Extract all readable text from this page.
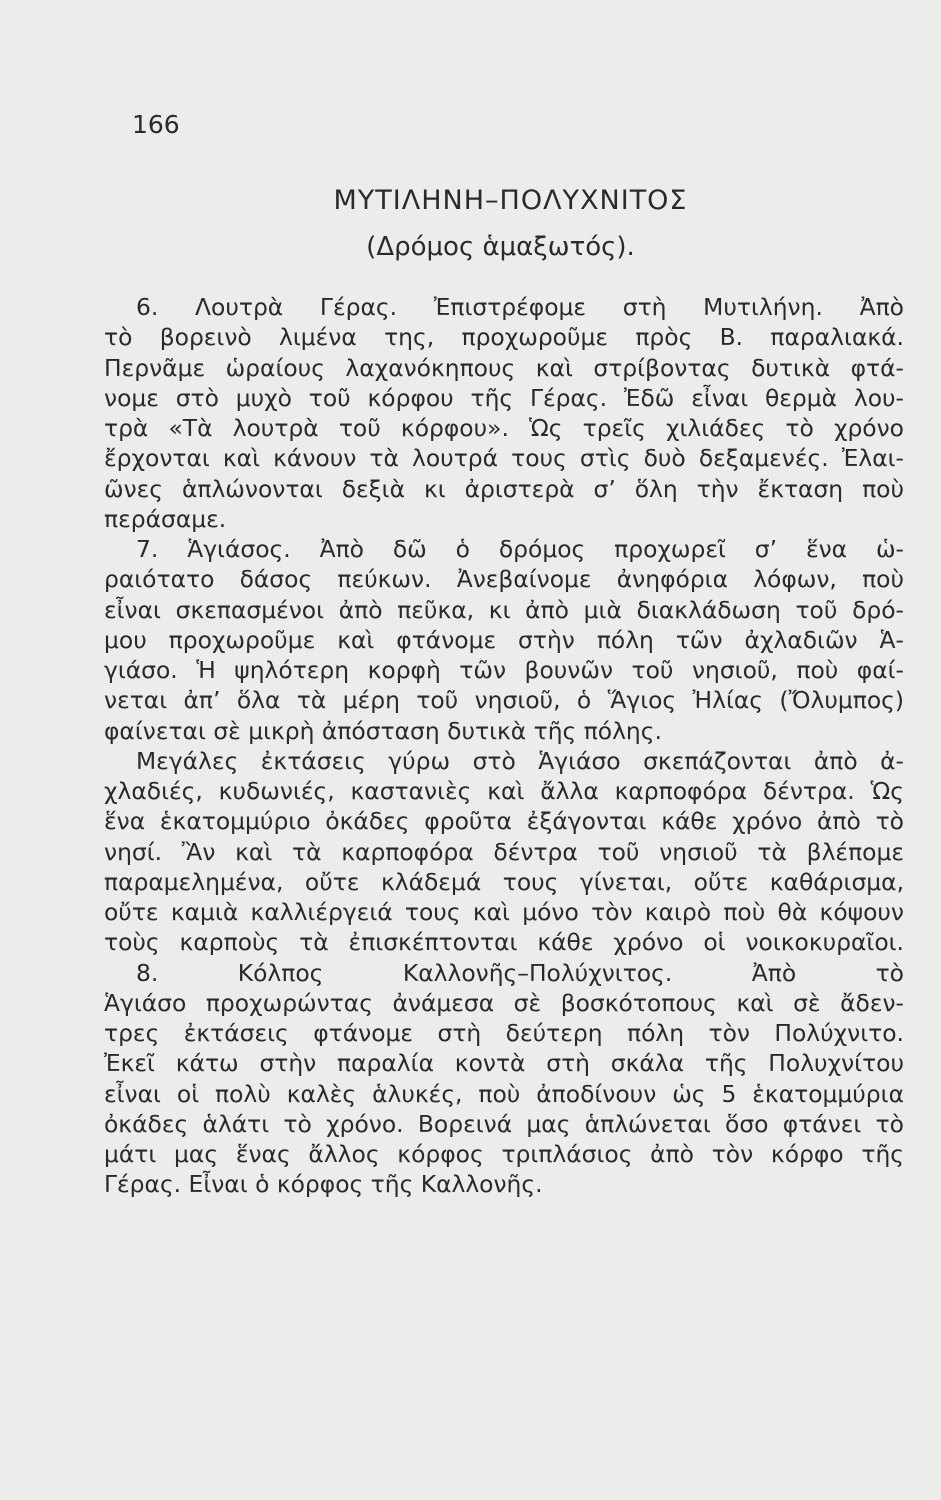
166
ΜΥΤΙΛΗΝΗ–ΠΟΛΥΧΝΙΤΟΣ
(Δρόμος ἁμαξωτός).
6. Λουτρὰ Γέρας. Ἐπιστρέφομε στὴ Μυτιλήνη. Ἀπὸ
τὸ βορεινὸ λιμένα της, προχωροῦμε πρὸς Β. παραλιακά.
Περνᾶμε ὡραίους λαχανόκηπους καὶ στρίβοντας δυτικὰ φτά-
νομε στὸ μυχὸ τοῦ κόρφου τῆς Γέρας. Ἐδῶ εἶναι θερμὰ λου-
τρὰ «Τὰ λουτρὰ τοῦ κόρφου». Ὡς τρεῖς χιλιάδες τὸ χρόνο
ἔρχονται καὶ κάνουν τὰ λουτρά τους στὶς δυὸ δεξαμενές. Ἐλαι-
ῶνες ἁπλώνονται δεξιὰ κι ἀριστερὰ σ’ ὅλη τὴν ἔκταση ποὺ
περάσαμε.
7. Ἁγιάσος. Ἀπὸ δῶ ὁ δρόμος προχωρεῖ σ’ ἕνα ὡ-
ραιότατο δάσος πεύκων. Ἀνεβαίνομε ἀνηφόρια λόφων, ποὺ
εἶναι σκεπασμένοι ἀπὸ πεῦκα, κι ἀπὸ μιὰ διακλάδωση τοῦ δρό-
μου προχωροῦμε καὶ φτάνομε στὴν πόλη τῶν ἀχλαδιῶν Ἁ-
γιάσο. Ἡ ψηλότερη κορφὴ τῶν βουνῶν τοῦ νησιοῦ, ποὺ φαί-
νεται ἀπ’ ὅλα τὰ μέρη τοῦ νησιοῦ, ὁ Ἅγιος Ἠλίας (Ὄλυμπος)
φαίνεται σὲ μικρὴ ἀπόσταση δυτικὰ τῆς πόλης.
Μεγάλες ἐκτάσεις γύρω στὸ Ἁγιάσο σκεπάζονται ἀπὸ ἀ-
χλαδιές, κυδωνιές, καστανιὲς καὶ ἄλλα καρποφόρα δέντρα. Ὡς
ἕνα ἑκατομμύριο ὀκάδες φροῦτα ἐξάγονται κάθε χρόνο ἀπὸ τὸ
νησί. Ἂν καὶ τὰ καρποφόρα δέντρα τοῦ νησιοῦ τὰ βλέπομε
παραμελημένα, οὔτε κλάδεμά τους γίνεται, οὔτε καθάρισμα,
οὔτε καμιὰ καλλιέργειά τους καὶ μόνο τὸν καιρὸ ποὺ θὰ κόψουν
τοὺς καρποὺς τὰ ἐπισκέπτονται κάθε χρόνο οἱ νοικοκυραῖοι.
8. Κόλπος Καλλονῆς–Πολύχνιτος. Ἀπὸ τὸ
Ἁγιάσο προχωρώντας ἀνάμεσα σὲ βοσκότοπους καὶ σὲ ἄδεν-
τρες ἐκτάσεις φτάνομε στὴ δεύτερη πόλη τὸν Πολύχνιτο.
Ἐκεῖ κάτω στὴν παραλία κοντὰ στὴ σκάλα τῆς Πολυχνίτου
εἶναι οἱ πολὺ καλὲς ἁλυκές, ποὺ ἀποδίνουν ὡς 5 ἑκατομμύρια
ὀκάδες ἁλάτι τὸ χρόνο. Βορεινά μας ἁπλώνεται ὅσο φτάνει τὸ
μάτι μας ἕνας ἄλλος κόρφος τριπλάσιος ἀπὸ τὸν κόρφο τῆς
Γέρας. Εἶναι ὁ κόρφος τῆς Καλλονῆς.
